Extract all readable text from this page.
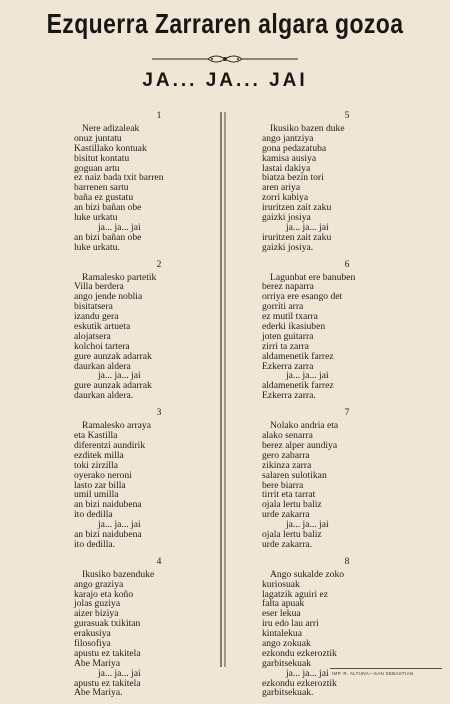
Ezquerra Zarraren algara gozoa
JA... JA... JAI
1
Nere adizaleak
onuz juntatu
Kastillako kontuak
bisitut kontatu
goguan artu
ez naiz bada txit barren
barrenen sartu
baña ez gustatu
an bizi bañan obe
luke urkatu
ja... ja... jai
an bizi bañan obe
luke urkatu.
2
Ramalesko partetik
Villa berdera
ango jende noblia
bisitatsera
izandu gera
eskutik artueta
alojatsera
kolchoi tartera
gure aunzak adarrak
daurkan aldera
ja... ja... jai
gure aunzak adarrak
daurkan aldera.
3
Ramalesko arraya
eta Kastilla
diferentzi aundirik
ezditek milla
toki zirzilla
oyerako neroni
lasto zar billa
umil umilla
an bizi naidubena
ito dedilla
ja... ja... jai
an bizi naidubena
ito dedilla.
4
Ikusiko bazenduke
ango graziya
karajo eta koño
jolas guziya
aizer biziya
gurasuak txikitan
erakusiya
filosofiya
apustu ez takitela
Abe Mariya
ja... ja... jai
apustu ez takitela
Abe Mariya.
5
Ikusiko bazen duke
ango jantziya
gona pedazatuba
kamisa ausiya
lastai dakiya
biatza bezin tori
aren ariya
zorri kabiya
iruritzen zait zaku
gaizki josiya
ja... ja... jai
iruritzen zait zaku
gaizki josiya.
6
Lagunbat ere banuben
berez naparra
orriya ere esango det
gorriti arra
ez mutil txarra
ederki ikasiuben
joten guitarra
zirri ta zarra
aldamenetik farrez
Ezkerra zarra
ja... ja... jai
aldamenetik farrez
Ezkerra zarra.
7
Nolako andria eta
alako senarra
berez alper aundiya
gero zabarra
zikinza zarra
salaren sulotikan
bere biarra
tirrit eta tarrat
ojala lertu baliz
urde zakarra
ja... ja... jai
ojala lertu baliz
urde zakarra.
8
Ango sukalde zoko
kuriosuak
lagatzik aguiri ez
falta apuak
eser lekua
iru edo lau arri
kintalekua
ango zokuak
ezkondu ezkeroztik
garbitsekuak
ja... ja... jai
ezkondu ezkeroztik
garbitsekuak.
IMP. R. ALTUNA—SAN SEBASTIAN
